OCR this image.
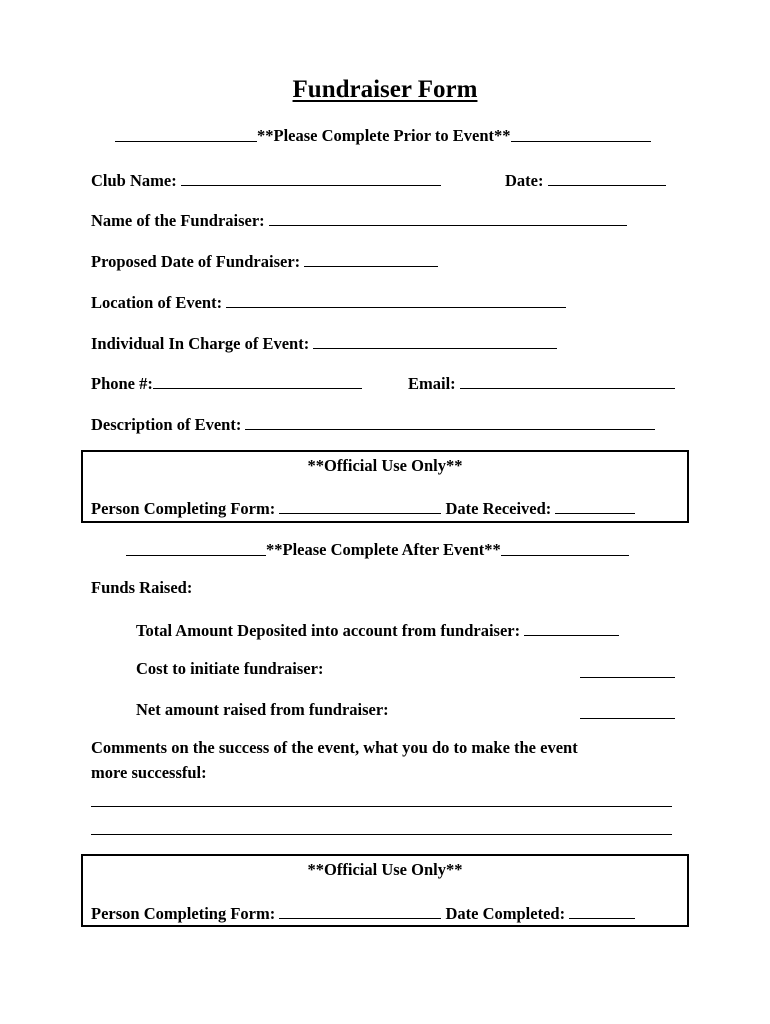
Fundraiser Form
**Please Complete Prior to Event**
Club Name:	Date:
Name of the Fundraiser:
Proposed Date of Fundraiser:
Location of Event:
Individual In Charge of Event:
Phone #:	Email:
Description of Event:
**Official Use Only**
Person Completing Form:	Date Received:
**Please Complete After Event**
Funds Raised:
Total Amount Deposited into account from fundraiser:
Cost to initiate fundraiser:
Net amount raised from fundraiser:
Comments on the success of the event, what you do to make the event
more successful:
**Official Use Only**
Person Completing Form:	Date Completed:
